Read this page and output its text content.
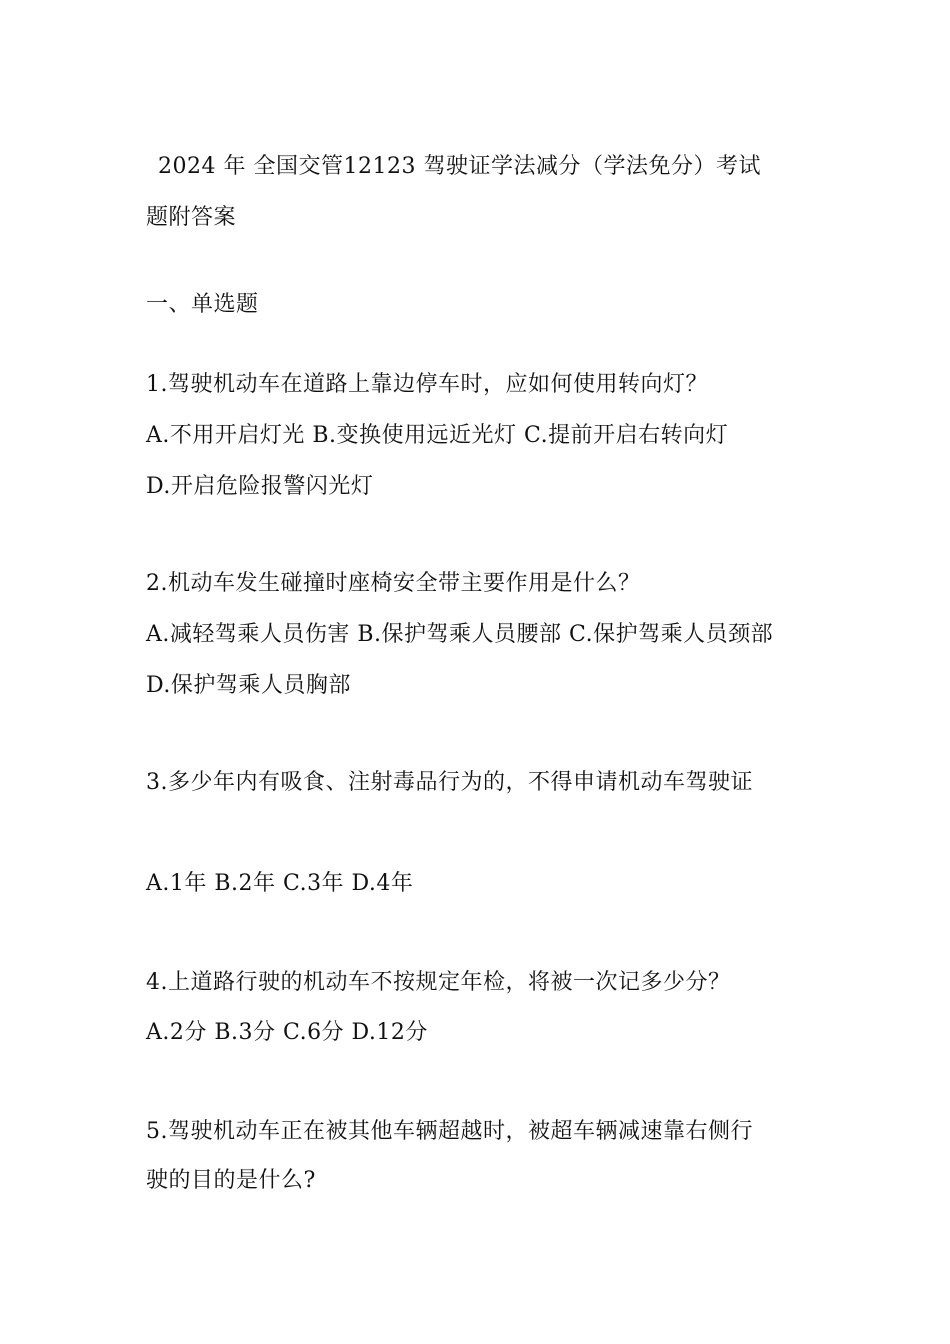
2024 年 全国交管12123 驾驶证学法减分（学法免分）考试
题附答案
一、单选题
1.驾驶机动车在道路上靠边停车时，应如何使用转向灯？
A.不用开启灯光 B.变换使用远近光灯 C.提前开启右转向灯
D.开启危险报警闪光灯
2.机动车发生碰撞时座椅安全带主要作用是什么？
A.减轻驾乘人员伤害 B.保护驾乘人员腰部 C.保护驾乘人员颈部
D.保护驾乘人员胸部
3.多少年内有吸食、注射毒品行为的，不得申请机动车驾驶证
A.1年 B.2年 C.3年 D.4年
4.上道路行驶的机动车不按规定年检，将被一次记多少分？
A.2分 B.3分 C.6分 D.12分
5.驾驶机动车正在被其他车辆超越时，被超车辆减速靠右侧行
驶的目的是什么?
